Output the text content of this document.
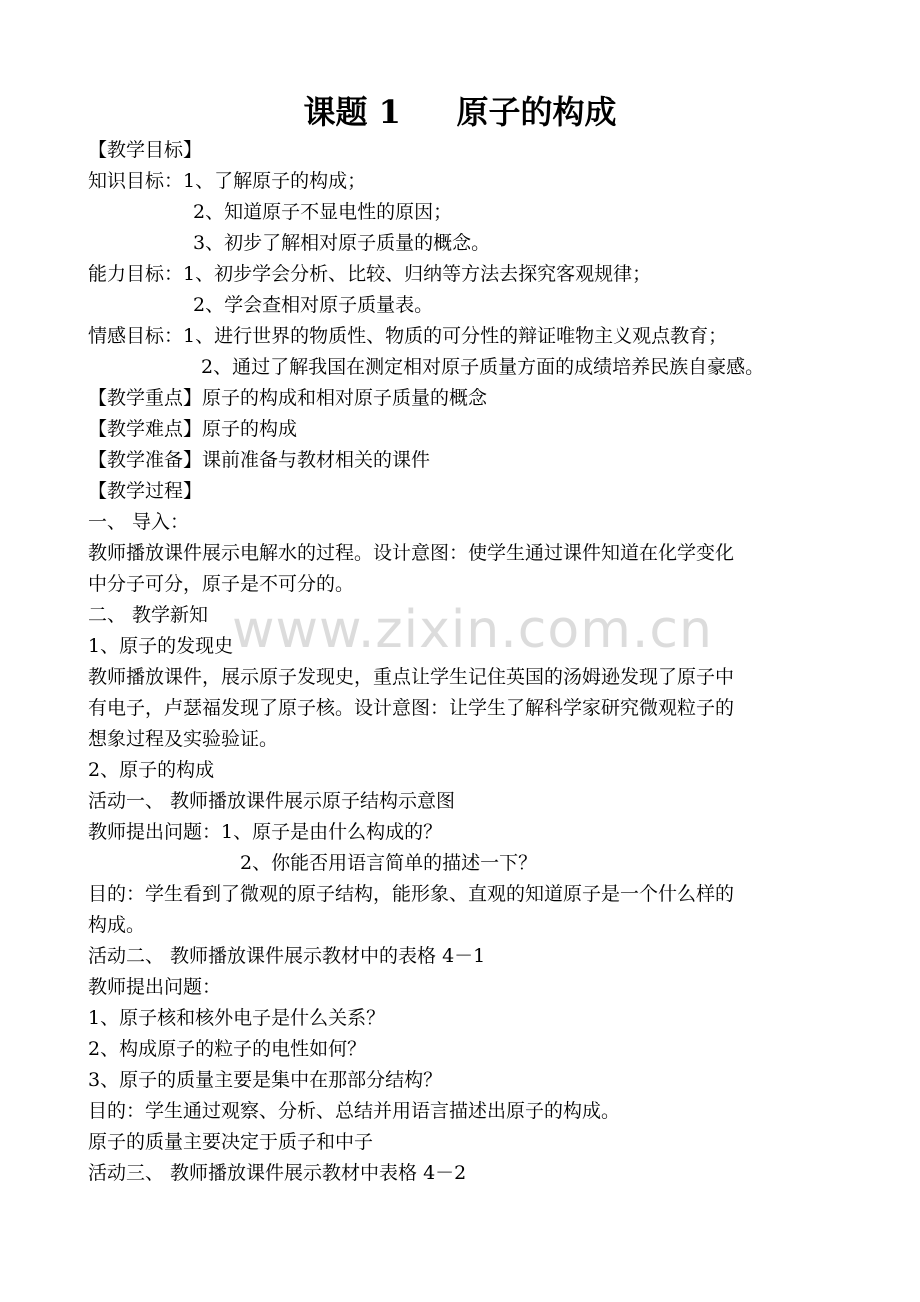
课题 1     原子的构成
【教学目标】
知识目标：1、了解原子的构成；
2、知道原子不显电性的原因；
3、初步了解相对原子质量的概念。
能力目标：1、初步学会分析、比较、归纳等方法去探究客观规律；
2、学会查相对原子质量表。
情感目标：1、进行世界的物质性、物质的可分性的辩证唯物主义观点教育；
2、通过了解我国在测定相对原子质量方面的成绩培养民族自豪感。
【教学重点】原子的构成和相对原子质量的概念
【教学难点】原子的构成
【教学准备】课前准备与教材相关的课件
【教学过程】
一、 导入：
教师播放课件展示电解水的过程。设计意图：使学生通过课件知道在化学变化
中分子可分，原子是不可分的。
二、 教学新知
1、原子的发现史
教师播放课件，展示原子发现史，重点让学生记住英国的汤姆逊发现了原子中
有电子，卢瑟福发现了原子核。设计意图：让学生了解科学家研究微观粒子的
想象过程及实验验证。
2、原子的构成
活动一、 教师播放课件展示原子结构示意图
教师提出问题：1、原子是由什么构成的？
2、你能否用语言简单的描述一下？
目的：学生看到了微观的原子结构，能形象、直观的知道原子是一个什么样的
构成。
活动二、 教师播放课件展示教材中的表格 4－1
教师提出问题：
1、原子核和核外电子是什么关系？
2、构成原子的粒子的电性如何？
3、原子的质量主要是集中在那部分结构？
目的：学生通过观察、分析、总结并用语言描述出原子的构成。
原子的质量主要决定于质子和中子
活动三、 教师播放课件展示教材中表格 4－2
www.zixin.com.cn
